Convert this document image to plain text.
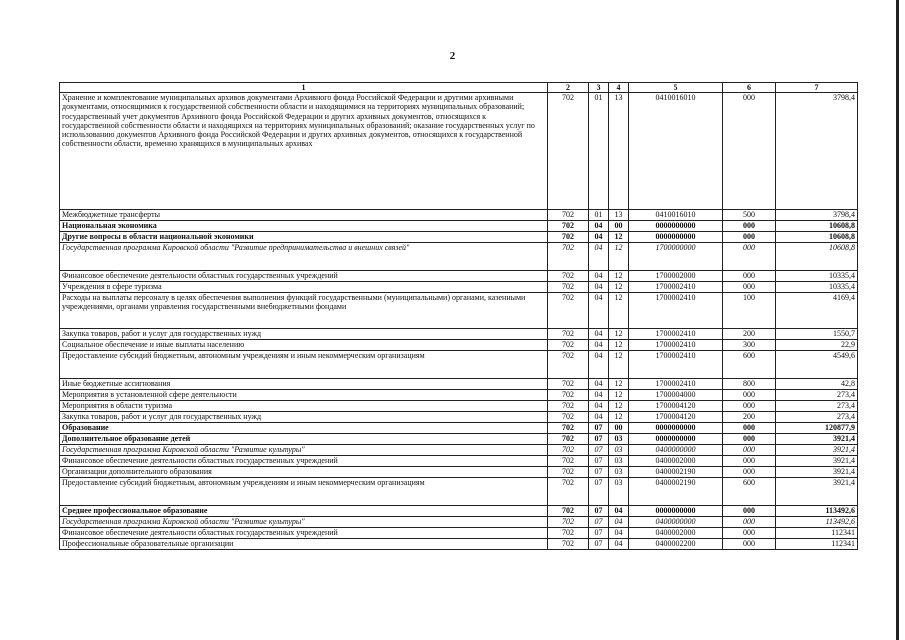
2
1	2	3	4	5	6	7
Хранение и комплектование муниципальных архивов документами Архивного фонда Российской Федерации и другими архивными документами, относящимися к государственной собственности области и находящимися на территориях муниципальных образований; государственный учет документов Архивного фонда Российской Федерации и других архивных документов, относящихся к государственной собственности области и находящихся на территориях муниципальных образований; оказание государственных услуг по использованию документов Архивного фонда Российской Федерации и других архивных документов, относящихся к государственной собственности области, временно хранящихся в муниципальных архивах	702	01	13	0410016010	000	3798,4
Межбюджетные трансферты	702	01	13	0410016010	500	3798,4
Национальная экономика	702	04	00	0000000000	000	10608,8
Другие вопросы в области национальной экономики	702	04	12	0000000000	000	10608,8
Государственная программа Кировской области "Развитие предпринимательства и внешних связей"	702	04	12	1700000000	000	10608,8
Финансовое обеспечение деятельности областных государственных учреждений	702	04	12	1700002000	000	10335,4
Учреждения в сфере туризма	702	04	12	1700002410	000	10335,4
Расходы на выплаты персоналу в целях обеспечения выполнения функций государственными (муниципальными) органами, казенными учреждениями, органами управления государственными внебюджетными фондами	702	04	12	1700002410	100	4169,4
Закупка товаров, работ и услуг для государственных нужд	702	04	12	1700002410	200	1550,7
Социальное обеспечение и иные выплаты населению	702	04	12	1700002410	300	22,9
Предоставление субсидий бюджетным, автономным учреждениям и иным некоммерческим организациям	702	04	12	1700002410	600	4549,6
Иные бюджетные ассигнования	702	04	12	1700002410	800	42,8
Мероприятия в установленной сфере деятельности	702	04	12	1700004000	000	273,4
Мероприятия в области туризма	702	04	12	1700004120	000	273,4
Закупка товаров, работ и услуг для государственных нужд	702	04	12	1700004120	200	273,4
Образование	702	07	00	0000000000	000	120877,9
Дополнительное образование детей	702	07	03	0000000000	000	3921,4
Государственная программа Кировской области "Развитие культуры"	702	07	03	0400000000	000	3921,4
Финансовое обеспечение деятельности областных государственных учреждений	702	07	03	0400002000	000	3921,4
Организации дополнительного образования	702	07	03	0400002190	000	3921,4
Предоставление субсидий бюджетным, автономным учреждениям и иным некоммерческим организациям	702	07	03	0400002190	600	3921,4
Среднее профессиональное образование	702	07	04	0000000000	000	113492,6
Государственная программа Кировской области "Развитие культуры"	702	07	04	0400000000	000	113492,6
Финансовое обеспечение деятельности областных государственных учреждений	702	07	04	0400002000	000	112341
Профессиональные образовательные организации	702	07	04	0400002200	000	112341
